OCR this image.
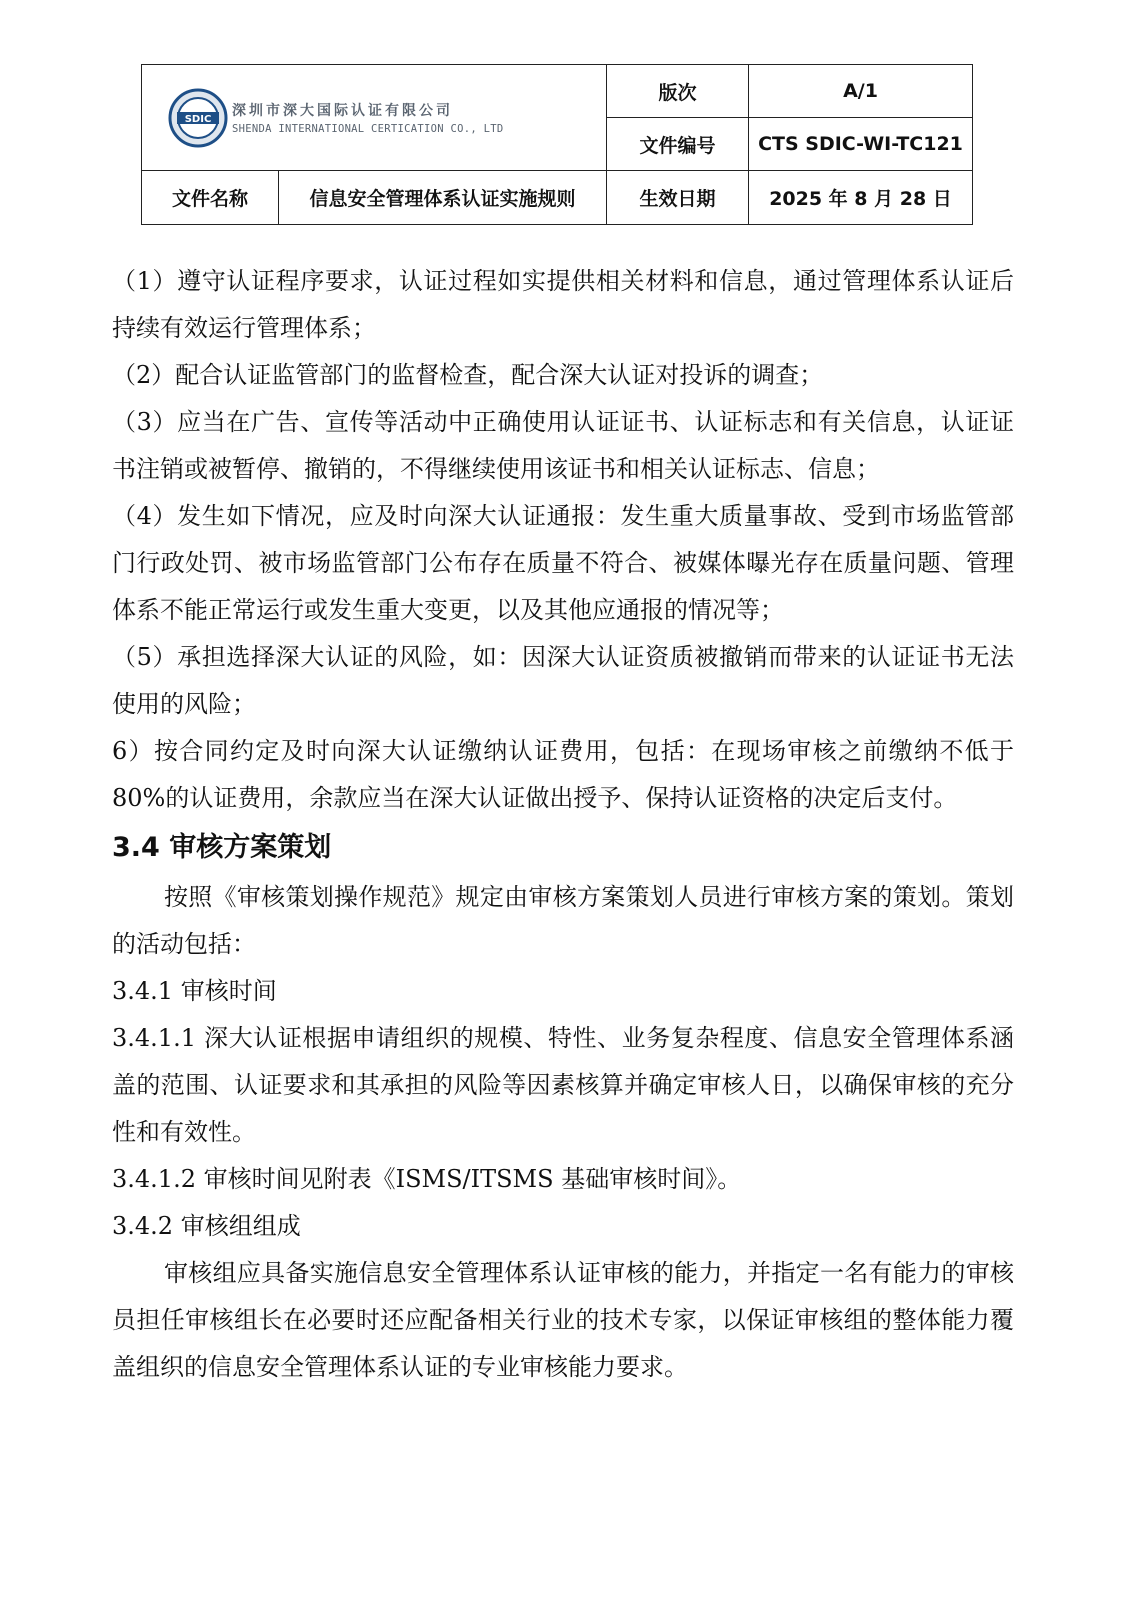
SDIC 深圳市深大国际认证有限公司
SHENDA INTERNATIONAL CERTICATION CO., LTD		版次	A/1
		文件编号	CTS SDIC-WI-TC121
文件名称	信息安全管理体系认证实施规则	生效日期	2025 年 8 月 28 日

（1）遵守认证程序要求，认证过程如实提供相关材料和信息，通过管理体系认证后持续有效运行管理体系；

（2）配合认证监管部门的监督检查，配合深大认证对投诉的调查；

（3）应当在广告、宣传等活动中正确使用认证证书、认证标志和有关信息，认证证书注销或被暂停、撤销的，不得继续使用该证书和相关认证标志、信息；

（4）发生如下情况，应及时向深大认证通报：发生重大质量事故、受到市场监管部门行政处罚、被市场监管部门公布存在质量不符合、被媒体曝光存在质量问题、管理体系不能正常运行或发生重大变更，以及其他应通报的情况等；

（5）承担选择深大认证的风险，如：因深大认证资质被撤销而带来的认证证书无法使用的风险；

6）按合同约定及时向深大认证缴纳认证费用，包括：在现场审核之前缴纳不低于 80%的认证费用，余款应当在深大认证做出授予、保持认证资格的决定后支付。

3.4 审核方案策划

按照《审核策划操作规范》规定由审核方案策划人员进行审核方案的策划。策划的活动包括：

3.4.1 审核时间

3.4.1.1 深大认证根据申请组织的规模、特性、业务复杂程度、信息安全管理体系涵盖的范围、认证要求和其承担的风险等因素核算并确定审核人日，以确保审核的充分性和有效性。

3.4.1.2 审核时间见附表《ISMS/ITSMS 基础审核时间》。

3.4.2 审核组组成

审核组应具备实施信息安全管理体系认证审核的能力，并指定一名有能力的审核员担任审核组长在必要时还应配备相关行业的技术专家，以保证审核组的整体能力覆盖组织的信息安全管理体系认证的专业审核能力要求。
